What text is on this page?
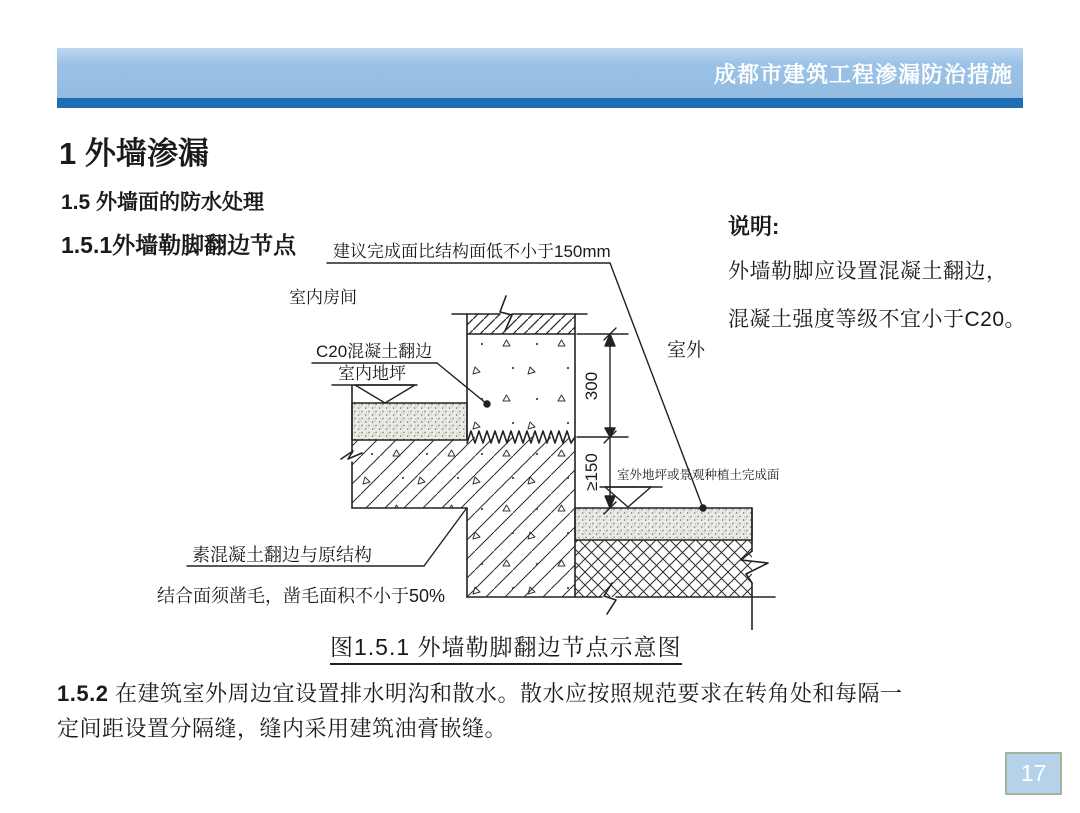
成都市建筑工程渗漏防治措施
1 外墙渗漏
1.5 外墙面的防水处理
1.5.1外墙勒脚翻边节点
说明:
外墙勒脚应设置混凝土翻边，
混凝土强度等级不宜小于C20。
建议完成面比结构面低不小于150mm
室内房间
C20混凝土翻边
室内地坪
室外
室外地坪或景观种植土完成面
素混凝土翻边与原结构
结合面须凿毛，凿毛面积不小于50%
300
≥150
图1.5.1 外墙勒脚翻边节点示意图
1.5.2 在建筑室外周边宜设置排水明沟和散水。散水应按照规范要求在转角处和每隔一
定间距设置分隔缝，缝内采用建筑油膏嵌缝。
17
